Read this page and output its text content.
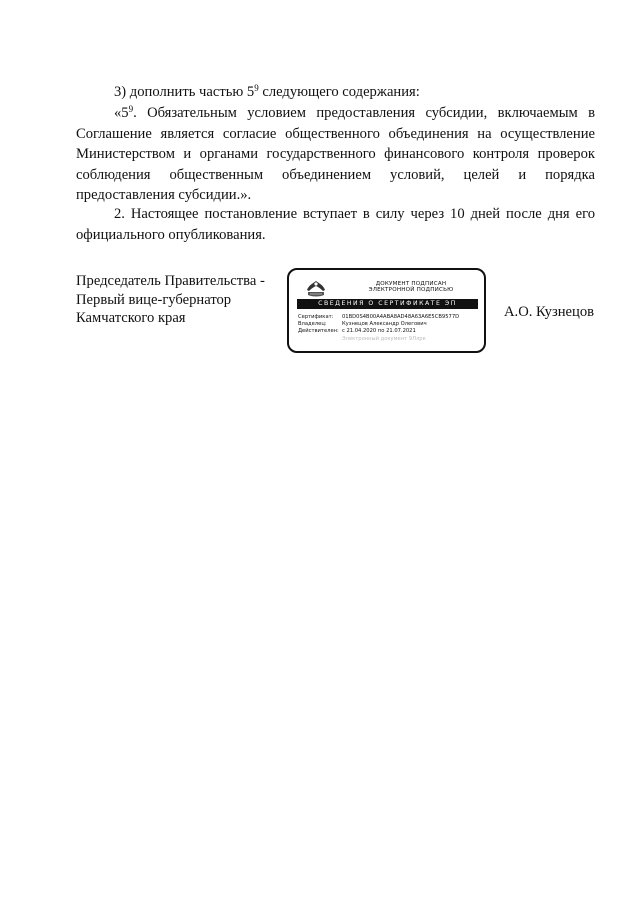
3) дополнить частью $5^9$ следующего содержания:
«$5^9$. Обязательным условием предоставления субсидии, включаемым в Соглашение является согласие общественного объединения на осуществление Министерством и органами государственного финансового контроля проверок соблюдения общественным объединением условий, целей и порядка предоставления субсидии.».
2. Настоящее постановление вступает в силу через 10 дней после дня его официального опубликования.
Председатель Правительства -
Первый вице-губернатор
Камчатского края
ДОКУМЕНТ ПОДПИСАН
ЭЛЕКТРОННОЙ ПОДПИСЬЮ
СВЕДЕНИЯ О СЕРТИФИКАТЕ ЭП
Сертификат: 01BD0S4B00A4ABA8AD48A63A6E5CB9577D
Владелец:	Кузнецов Александр Олегович
Действителен: с 21.04.2020 по 21.07.2021
Электронный документ 9Ллрк
А.О. Кузнецов
